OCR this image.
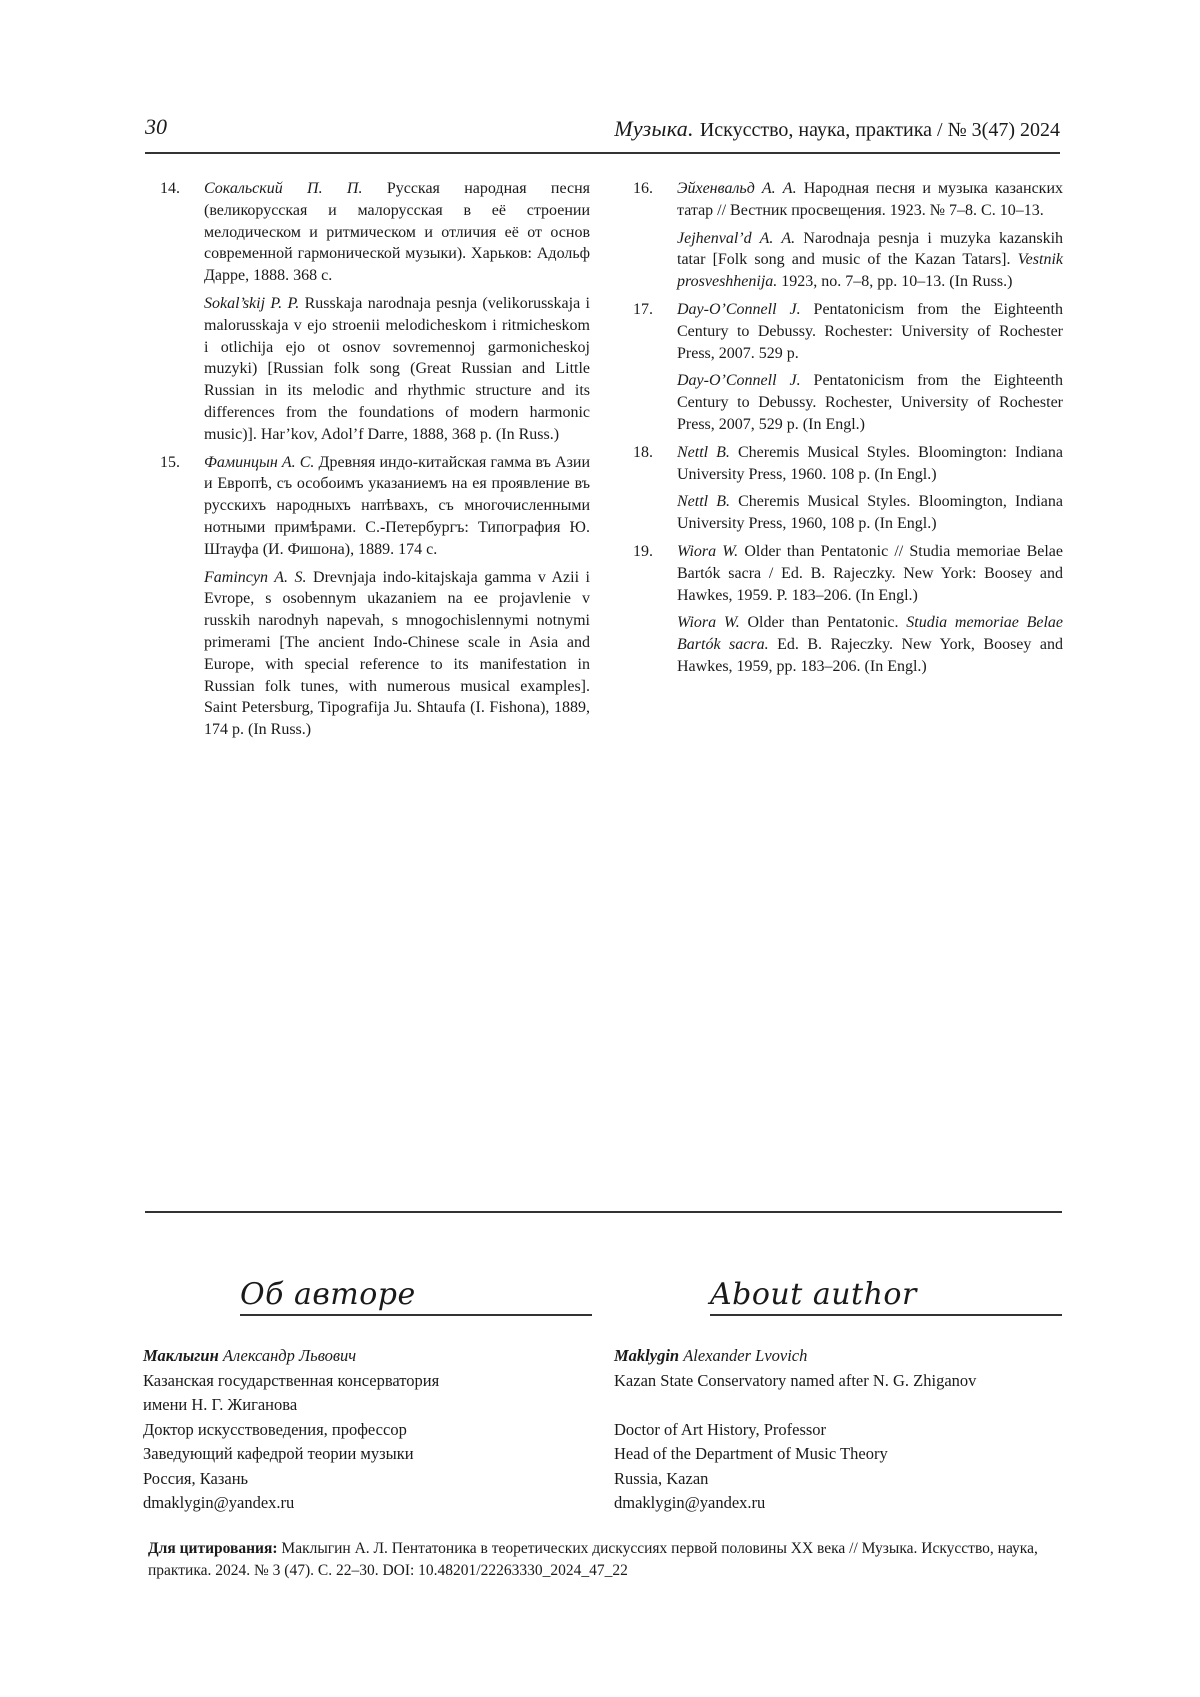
30	Музыка. Искусство, наука, практика / № 3(47) 2024
14.	Сокальский П. П. Русская народная песня (великорусская и малорусская в её строении мелодическом и ритмическом и отличия её от основ современной гармонической музыки). Харьков: Адольф Дарре, 1888. 368 с.

Sokal’skij P. P. Russkaja narodnaja pesnja (velikorusskaja i malorusskaja v ejo stroenii melodicheskom i ritmicheskom i otlichija ejo ot osnov sovremennoj garmonicheskoj muzyki) [Russian folk song (Great Russian and Little Russian in its melodic and rhythmic structure and its differences from the foundations of modern harmonic music)]. Har’kov, Adol’f Darre, 1888, 368 p. (In Russ.)

15.	Фаминцын А. С. Древняя индо-китайская гамма въ Азии и Европѣ, съ особоимъ указаниемъ на ея проявление въ русскихъ народныхъ напѣвахъ, съ многочисленными нотными примѣрами. С.-Петербургъ: Типография Ю. Штауфа (И. Фишона), 1889. 174 с.

Famincyn A. S. Drevnjaja indo-kitajskaja gamma v Azii i Evrope, s osobennym ukazaniem na ee projavlenie v russkih narodnyh napevah, s mnogochislennymi notnymi primerami [The ancient Indo-Chinese scale in Asia and Europe, with special reference to its manifestation in Russian folk tunes, with numerous musical examples]. Saint Petersburg, Tipografija Ju. Shtaufa (I. Fishona), 1889, 174 p. (In Russ.)

16.	Эйхенвальд А. А. Народная песня и музыка казанских татар // Вестник просвещения. 1923. № 7–8. С. 10–13.

Jejhenval’d A. A. Narodnaja pesnja i muzyka kazanskih tatar [Folk song and music of the Kazan Tatars]. Vestnik prosveshhenija. 1923, no. 7–8, pp. 10–13. (In Russ.)

17.	Day-O’Connell J. Pentatonicism from the Eighteenth Century to Debussy. Rochester: University of Rochester Press, 2007. 529 p.

Day-O’Connell J. Pentatonicism from the Eighteenth Century to Debussy. Rochester, University of Rochester Press, 2007, 529 p. (In Engl.)

18.	Nettl B. Cheremis Musical Styles. Bloomington: Indiana University Press, 1960. 108 p. (In Engl.)

Nettl B. Cheremis Musical Styles. Bloomington, Indiana University Press, 1960, 108 p. (In Engl.)

19.	Wiora W. Older than Pentatonic // Studia memoriae Belae Bartók sacra / Ed. B. Rajeczky. New York: Boosey and Hawkes, 1959. P. 183–206. (In Engl.)

Wiora W. Older than Pentatonic. Studia memoriae Belae Bartók sacra. Ed. B. Rajeczky. New York, Boosey and Hawkes, 1959, pp. 183–206. (In Engl.)

Об авторе	About author
Маклыгин Александр Львович
Казанская государственная консерватория
имени Н. Г. Жиганова
Доктор искусствоведения, профессор
Заведующий кафедрой теории музыки
Россия, Казань
dmaklygin@yandex.ru
Maklygin Alexander Lvovich
Kazan State Conservatory named after N. G. Zhiganov

Doctor of Art History, Professor
Head of the Department of Music Theory
Russia, Kazan
dmaklygin@yandex.ru
Для цитирования: Маклыгин А. Л. Пентатоника в теоретических дискуссиях первой половины XX века // Музыка. Искусство, наука, практика. 2024. № 3 (47). С. 22–30. DOI: 10.48201/22263330_2024_47_22
